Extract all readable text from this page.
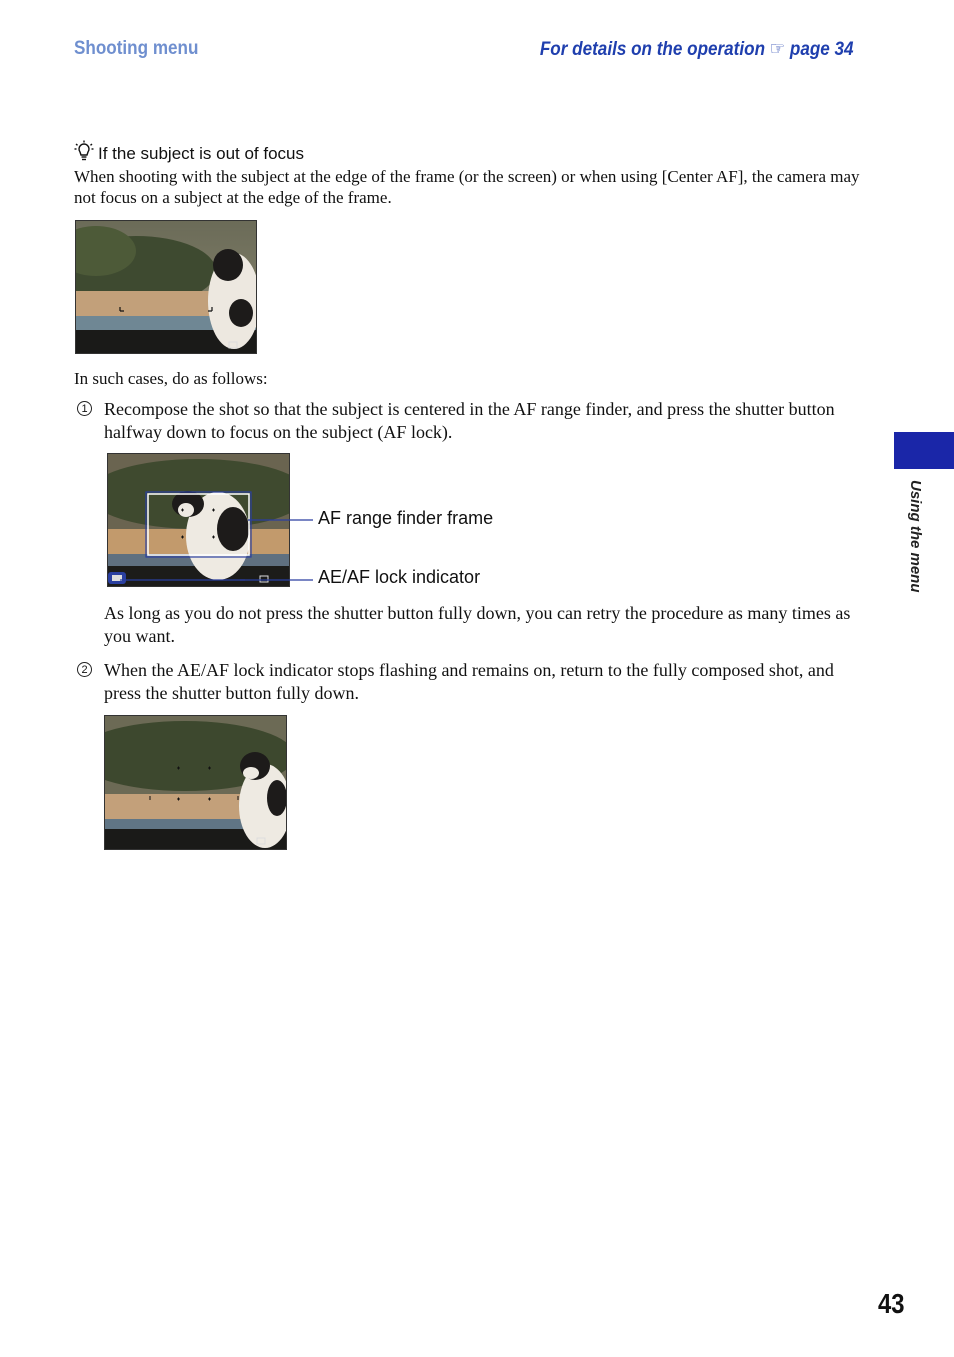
Shooting menu	For details on the operation ☞ page 34
If the subject is out of focus
When shooting with the subject at the edge of the frame (or the screen) or when using [Center AF], the camera may not focus on a subject at the edge of the frame.
In such cases, do as follows:
1 Recompose the shot so that the subject is centered in the AF range finder, and press the shutter button halfway down to focus on the subject (AF lock).
AF range finder frame
AE/AF lock indicator
As long as you do not press the shutter button fully down, you can retry the procedure as many times as you want.
2 When the AE/AF lock indicator stops flashing and remains on, return to the fully composed shot, and press the shutter button fully down.
Using the menu
43
